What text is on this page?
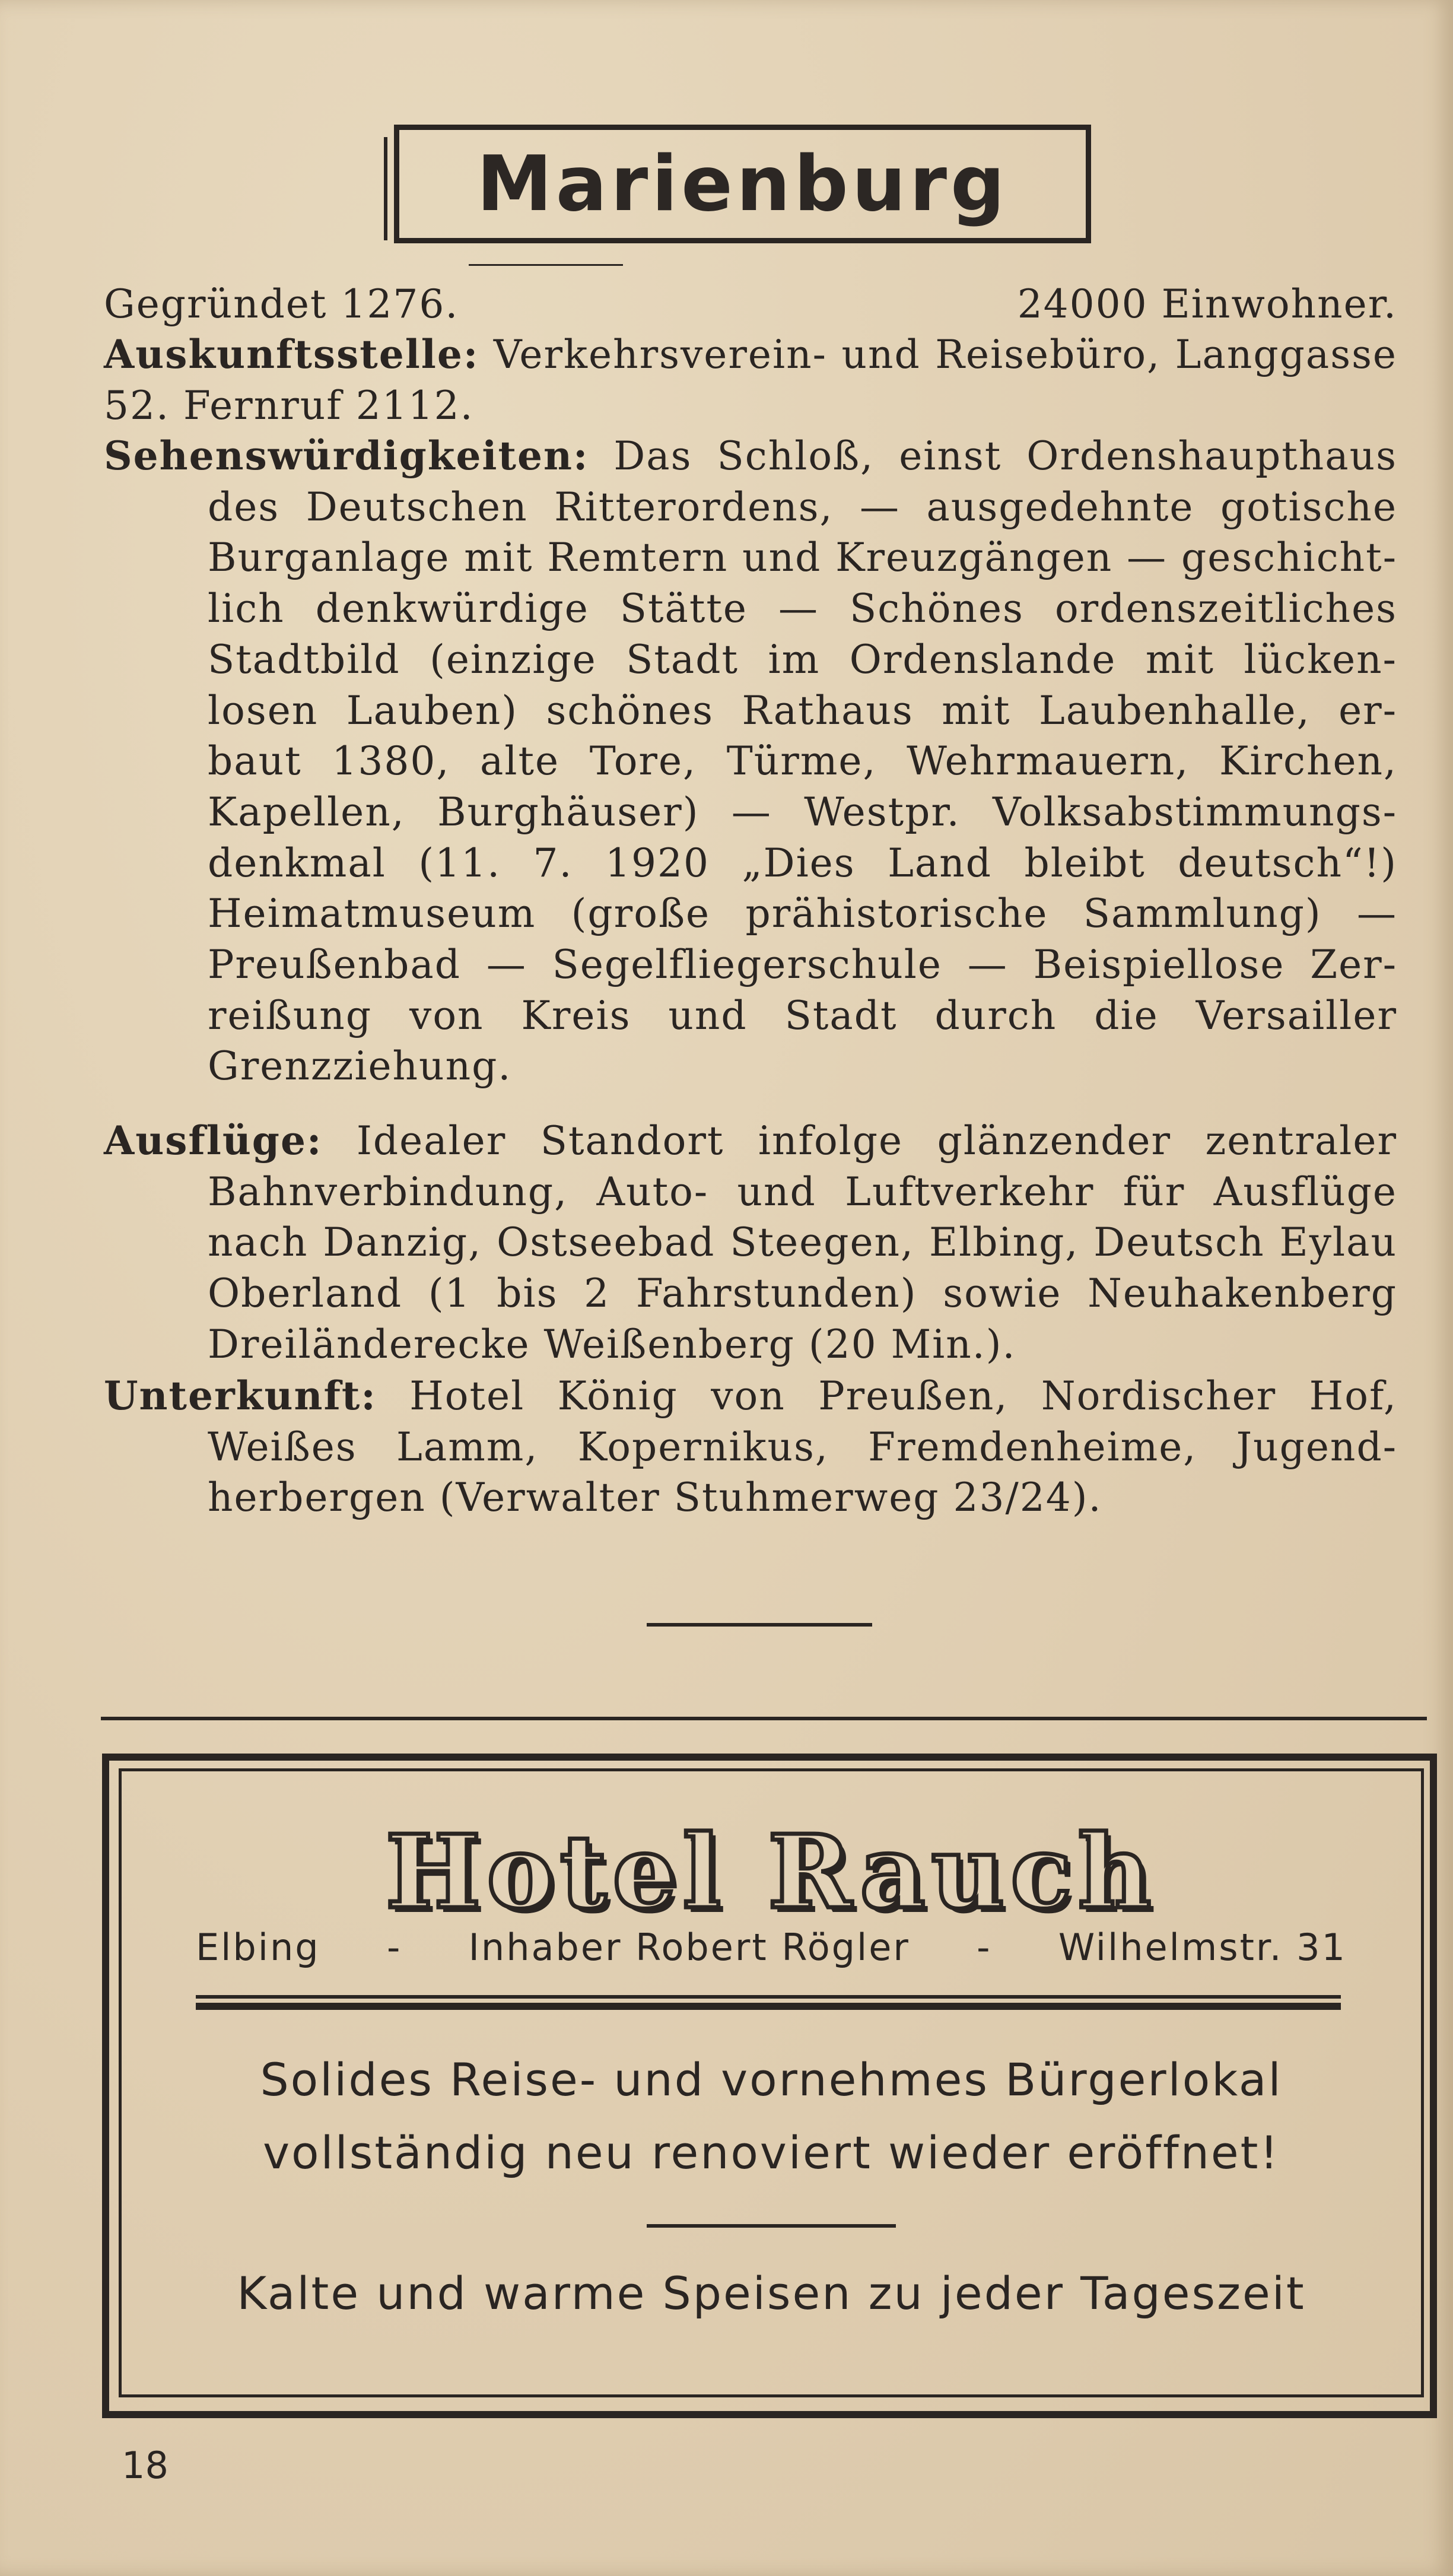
Marienburg
Gegründet 1276.	24000 Einwohner.
Auskunftsstelle: Verkehrsverein- und Reisebüro, Langgasse
52. Fernruf 2112.
Sehenswürdigkeiten: Das Schloß, einst Ordenshaupthaus
des Deutschen Ritterordens, — ausgedehnte gotische
Burganlage mit Remtern und Kreuzgängen — geschicht-
lich denkwürdige Stätte — Schönes ordenszeitliches
Stadtbild (einzige Stadt im Ordenslande mit lücken-
losen Lauben) schönes Rathaus mit Laubenhalle, er-
baut 1380, alte Tore, Türme, Wehrmauern, Kirchen,
Kapellen, Burghäuser) — Westpr. Volksabstimmungs-
denkmal (11. 7. 1920 „Dies Land bleibt deutsch“!)
Heimatmuseum (große prähistorische Sammlung) —
Preußenbad — Segelfliegerschule — Beispiellose Zer-
reißung von Kreis und Stadt durch die Versailler
Grenzziehung.
Ausflüge: Idealer Standort infolge glänzender zentraler
Bahnverbindung, Auto- und Luftverkehr für Ausflüge
nach Danzig, Ostseebad Steegen, Elbing, Deutsch Eylau
Oberland (1 bis 2 Fahrstunden) sowie Neuhakenberg
Dreiländerecke Weißenberg (20 Min.).
Unterkunft: Hotel König von Preußen, Nordischer Hof,
Weißes Lamm, Kopernikus, Fremdenheime, Jugend-
herbergen (Verwalter Stuhmerweg 23/24).
Hotel Rauch
Elbing - Inhaber Robert Rögler - Wilhelmstr. 31
Solides Reise- und vornehmes Bürgerlokal
vollständig neu renoviert wieder eröffnet!
Kalte und warme Speisen zu jeder Tageszeit
18
